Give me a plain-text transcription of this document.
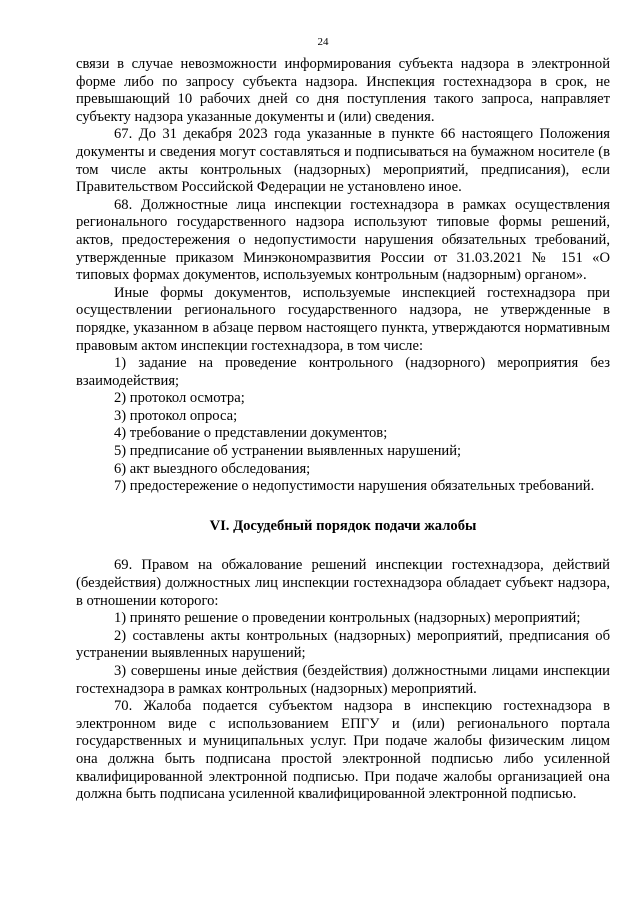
24

связи в случае невозможности информирования субъекта надзора в электронной форме либо по запросу субъекта надзора. Инспекция гостехнадзора в срок, не превышающий 10 рабочих дней со дня поступления такого запроса, направляет субъекту надзора указанные документы и (или) сведения.

67. До 31 декабря 2023 года указанные в пункте 66 настоящего Положения документы и сведения могут составляться и подписываться на бумажном носителе (в том числе акты контрольных (надзорных) мероприятий, предписания), если Правительством Российской Федерации не установлено иное.

68. Должностные лица инспекции гостехнадзора в рамках осуществления регионального государственного надзора используют типовые формы решений, актов, предостережения о недопустимости нарушения обязательных требований, утвержденные приказом Минэкономразвития России от 31.03.2021 № 151 «О типовых формах документов, используемых контрольным (надзорным) органом».

Иные формы документов, используемые инспекцией гостехнадзора при осуществлении регионального государственного надзора, не утвержденные в порядке, указанном в абзаце первом настоящего пункта, утверждаются нормативным правовым актом инспекции гостехнадзора, в том числе:

1) задание на проведение контрольного (надзорного) мероприятия без взаимодействия;

2) протокол осмотра;

3) протокол опроса;

4) требование о представлении документов;

5) предписание об устранении выявленных нарушений;

6) акт выездного обследования;

7) предостережение о недопустимости нарушения обязательных требований.

VI. Досудебный порядок подачи жалобы

69. Правом на обжалование решений инспекции гостехнадзора, действий (бездействия) должностных лиц инспекции гостехнадзора обладает субъект надзора, в отношении которого:

1) принято решение о проведении контрольных (надзорных) мероприятий;

2) составлены акты контрольных (надзорных) мероприятий, предписания об устранении выявленных нарушений;

3) совершены иные действия (бездействия) должностными лицами инспекции гостехнадзора в рамках контрольных (надзорных) мероприятий.

70. Жалоба подается субъектом надзора в инспекцию гостехнадзора в электронном виде с использованием ЕПГУ и (или) регионального портала государственных и муниципальных услуг. При подаче жалобы физическим лицом она должна быть подписана простой электронной подписью либо усиленной квалифицированной электронной подписью. При подаче жалобы организацией она должна быть подписана усиленной квалифицированной электронной подписью.
